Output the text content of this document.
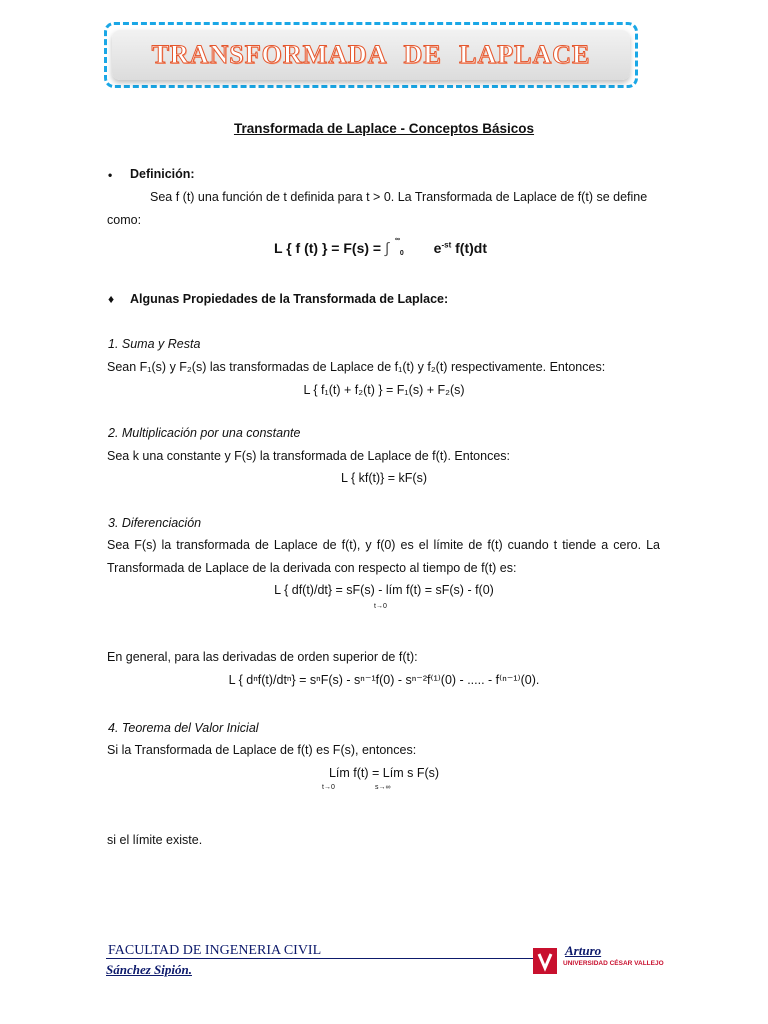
TRANSFORMADA DE LAPLACE
Transformada de Laplace - Conceptos Básicos
• Definición:
Sea f (t) una función de t definida para t > 0. La Transformada de Laplace de f(t) se define
como:
L { f (t) } = F(s) = ∫ ∞ 0 $e^{-st}$ f(t)dt
♦ Algunas Propiedades de la Transformada de Laplace:
1. Suma y Resta
Sean F₁(s) y F₂(s) las transformadas de Laplace de f₁(t) y f₂(t) respectivamente. Entonces:
L { f₁(t) + f₂(t) } = F₁(s) + F₂(s)
2. Multiplicación por una constante
Sea k una constante y F(s) la transformada de Laplace de f(t). Entonces:
L { kf(t)} = kF(s)
3. Diferenciación
Sea F(s) la transformada de Laplace de f(t), y f(0) es el límite de f(t) cuando t tiende a cero. La
Transformada de Laplace de la derivada con respecto al tiempo de f(t) es:
L { df(t)/dt} = sF(s) - lím f(t) = sF(s) - f(0)
t→0
En general, para las derivadas de orden superior de f(t):
L { dⁿf(t)/dtⁿ} = sⁿF(s) - sⁿ⁻¹f(0) - sⁿ⁻²f⁽¹⁾(0) - ..... - f⁽ⁿ⁻¹⁾(0).
4. Teorema del Valor Inicial
Si la Transformada de Laplace de f(t) es F(s), entonces:
Lím f(t) = Lím s F(s)
t→0	s→∞
si el límite existe.
FACULTAD DE INGENERIA CIVIL
Sánchez Sipión.
Arturo
UNIVERSIDAD CÉSAR VALLEJO
